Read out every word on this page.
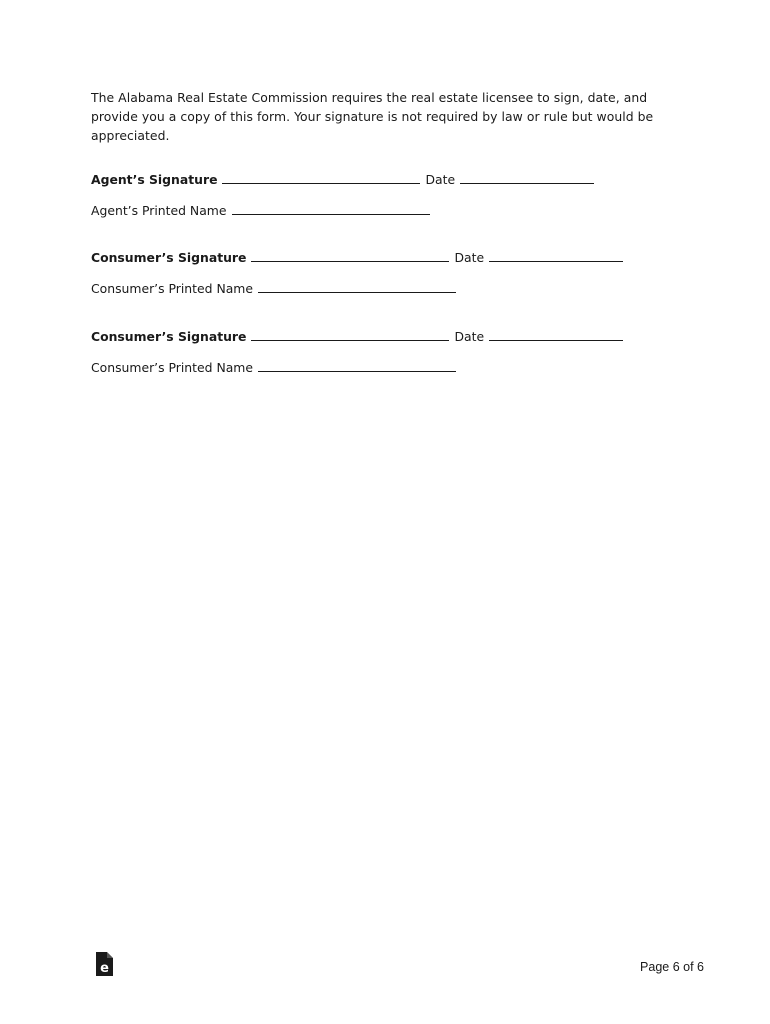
The Alabama Real Estate Commission requires the real estate licensee to sign, date, and provide you a copy of this form. Your signature is not required by law or rule but would be appreciated.
Agent’s Signature	Date
Agent’s Printed Name
Consumer’s Signature	Date
Consumer’s Printed Name
Consumer’s Signature	Date
Consumer’s Printed Name
e	Page 6 of 6
